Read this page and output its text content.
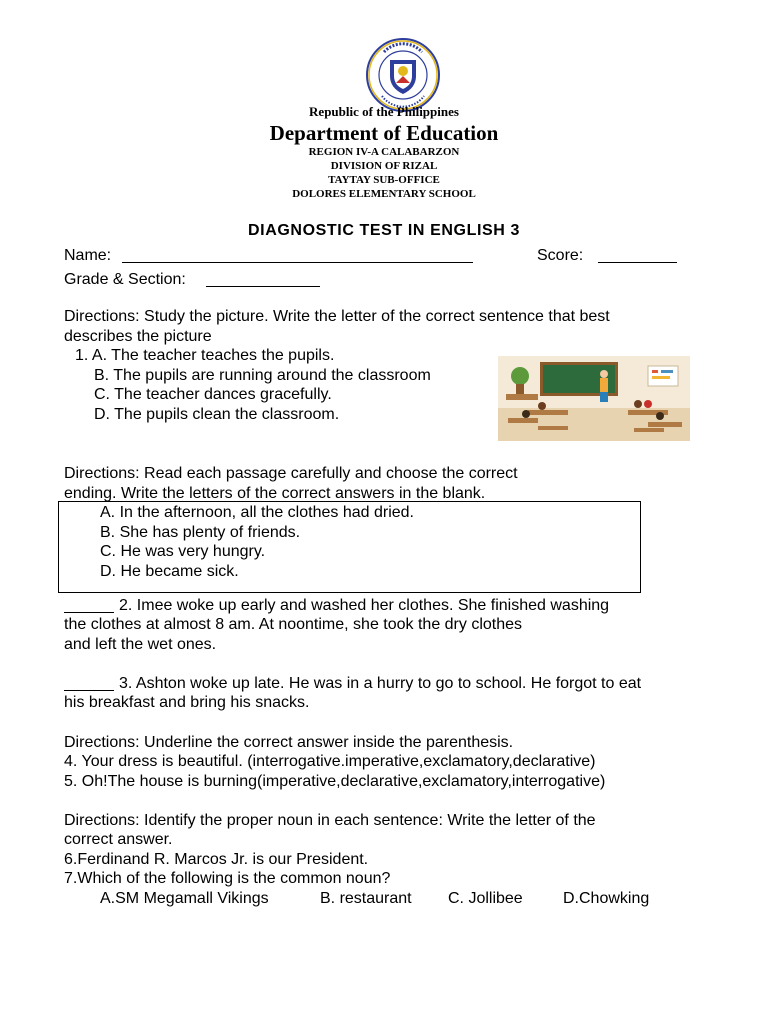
Republic of the Philippines
Department of Education
REGION IV-A CALABARZON
DIVISION OF RIZAL
TAYTAY SUB-OFFICE
DOLORES ELEMENTARY SCHOOL
DIAGNOSTIC TEST IN ENGLISH 3
Name:	Score:
Grade & Section:
Directions: Study the picture. Write the letter of the correct sentence that best
describes the picture
1. A. The teacher teaches the pupils.
B. The pupils are running around the classroom
C. The teacher dances gracefully.
D. The pupils clean the classroom.
Directions: Read each passage carefully and choose the correct
ending. Write the letters of the correct answers in the blank.
A. In the afternoon, all the clothes had dried.
B. She has plenty of friends.
C. He was very hungry.
D. He became sick.
2. Imee woke up early and washed her clothes. She finished washing
the clothes at almost 8 am. At noontime, she took the dry clothes
and left the wet ones.
3. Ashton woke up late. He was in a hurry to go to school. He forgot to eat
his breakfast and bring his snacks.
Directions: Underline the correct answer inside the parenthesis.
4. Your dress is beautiful. (interrogative.imperative,exclamatory,declarative)
5. Oh!The house is burning(imperative,declarative,exclamatory,interrogative)
Directions: Identify the proper noun in each sentence: Write the letter of the
correct answer.
6.Ferdinand R. Marcos Jr. is our President.
7.Which of the following is the common noun?
A.SM Megamall Vikings	B. restaurant C. Jollibee	D.Chowking
